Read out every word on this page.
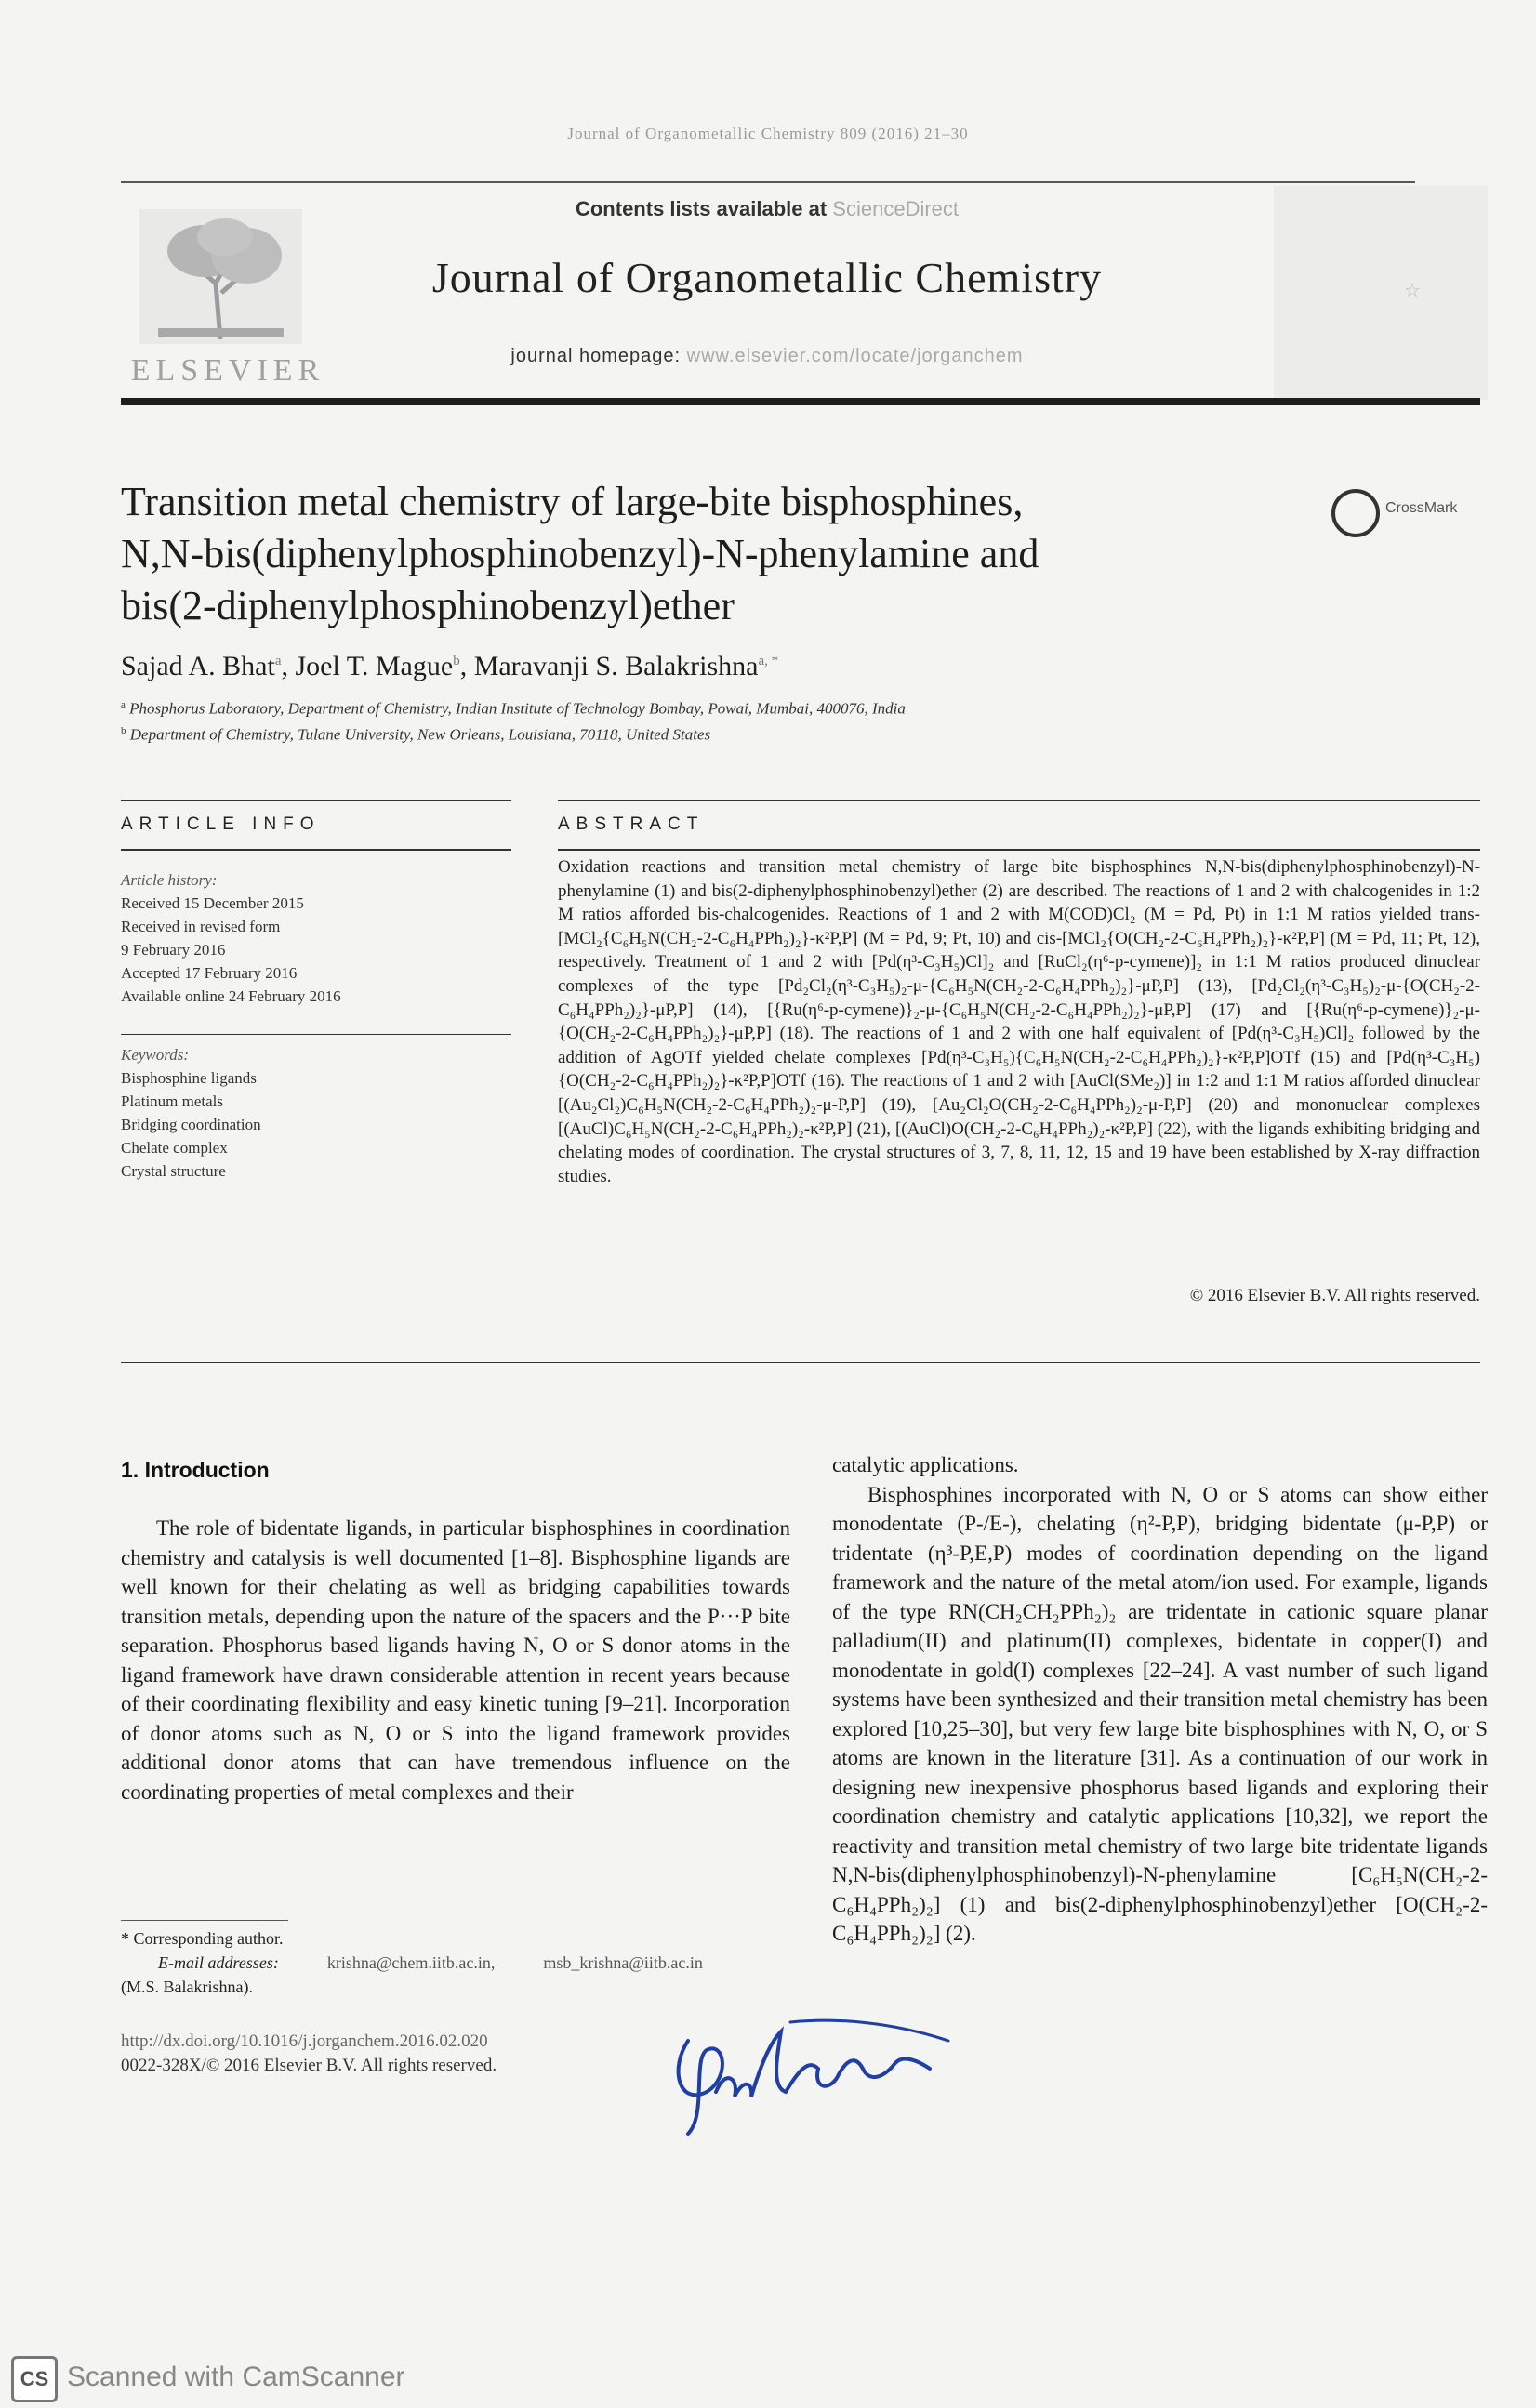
Journal of Organometallic Chemistry 809 (2016) 21–30
ELSEVIER
Contents lists available at ScienceDirect
Journal of Organometallic Chemistry
journal homepage: www.elsevier.com/locate/jorganchem
☆
Transition metal chemistry of large-bite bisphosphines,
N,N-bis(diphenylphosphinobenzyl)-N-phenylamine and
bis(2-diphenylphosphinobenzyl)ether
CrossMark
Sajad A. Bhat$^a$, Joel T. Mague$^b$, Maravanji S. Balakrishna$^{a, *}$
$^a$ Phosphorus Laboratory, Department of Chemistry, Indian Institute of Technology Bombay, Powai, Mumbai, 400076, India
$^b$ Department of Chemistry, Tulane University, New Orleans, Louisiana, 70118, United States
ARTICLE INFO
Article history:
Received 15 December 2015
Received in revised form
9 February 2016
Accepted 17 February 2016
Available online 24 February 2016
Keywords:
Bisphosphine ligands
Platinum metals
Bridging coordination
Chelate complex
Crystal structure
ABSTRACT
Oxidation reactions and transition metal chemistry of large bite bisphosphines N,N-bis(diphenylphosphinobenzyl)-N-phenylamine (1) and bis(2-diphenylphosphinobenzyl)ether (2) are described. The reactions of 1 and 2 with chalcogenides in 1:2 M ratios afforded bis-chalcogenides. Reactions of 1 and 2 with M(COD)Cl₂ (M = Pd, Pt) in 1:1 M ratios yielded trans-[MCl₂{C₆H₅N(CH₂-2-C₆H₄PPh₂)₂}-κ²P,P] (M = Pd, 9; Pt, 10) and cis-[MCl₂{O(CH₂-2-C₆H₄PPh₂)₂}-κ²P,P] (M = Pd, 11; Pt, 12), respectively. Treatment of 1 and 2 with [Pd(η³-C₃H₅)Cl]₂ and [RuCl₂(η⁶-p-cymene)]₂ in 1:1 M ratios produced dinuclear complexes of the type [Pd₂Cl₂(η³-C₃H₅)₂-μ-{C₆H₅N(CH₂-2-C₆H₄PPh₂)₂}-μP,P] (13), [Pd₂Cl₂(η³-C₃H₅)₂-μ-{O(CH₂-2-C₆H₄PPh₂)₂}-μP,P] (14), [{Ru(η⁶-p-cymene)}₂-μ-{C₆H₅N(CH₂-2-C₆H₄PPh₂)₂}-μP,P] (17) and [{Ru(η⁶-p-cymene)}₂-μ-{O(CH₂-2-C₆H₄PPh₂)₂}-μP,P] (18). The reactions of 1 and 2 with one half equivalent of [Pd(η³-C₃H₅)Cl]₂ followed by the addition of AgOTf yielded chelate complexes [Pd(η³-C₃H₅){C₆H₅N(CH₂-2-C₆H₄PPh₂)₂}-κ²P,P]OTf (15) and [Pd(η³-C₃H₅){O(CH₂-2-C₆H₄PPh₂)₂}-κ²P,P]OTf (16). The reactions of 1 and 2 with [AuCl(SMe₂)] in 1:2 and 1:1 M ratios afforded dinuclear [(Au₂Cl₂)C₆H₅N(CH₂-2-C₆H₄PPh₂)₂-μ-P,P] (19), [Au₂Cl₂O(CH₂-2-C₆H₄PPh₂)₂-μ-P,P] (20) and mononuclear complexes [(AuCl)C₆H₅N(CH₂-2-C₆H₄PPh₂)₂-κ²P,P] (21), [(AuCl)O(CH₂-2-C₆H₄PPh₂)₂-κ²P,P] (22), with the ligands exhibiting bridging and chelating modes of coordination. The crystal structures of 3, 7, 8, 11, 12, 15 and 19 have been established by X-ray diffraction studies.
© 2016 Elsevier B.V. All rights reserved.
1. Introduction
The role of bidentate ligands, in particular bisphosphines in coordination chemistry and catalysis is well documented [1–8]. Bisphosphine ligands are well known for their chelating as well as bridging capabilities towards transition metals, depending upon the nature of the spacers and the P···P bite separation. Phosphorus based ligands having N, O or S donor atoms in the ligand framework have drawn considerable attention in recent years because of their coordinating flexibility and easy kinetic tuning [9–21]. Incorporation of donor atoms such as N, O or S into the ligand framework provides additional donor atoms that can have tremendous influence on the coordinating properties of metal complexes and their

catalytic applications.

Bisphosphines incorporated with N, O or S atoms can show either monodentate (P-/E-), chelating (η²-P,P), bridging bidentate (μ-P,P) or tridentate (η³-P,E,P) modes of coordination depending on the ligand framework and the nature of the metal atom/ion used. For example, ligands of the type RN(CH₂CH₂PPh₂)₂ are tridentate in cationic square planar palladium(II) and platinum(II) complexes, bidentate in copper(I) and monodentate in gold(I) complexes [22–24]. A vast number of such ligand systems have been synthesized and their transition metal chemistry has been explored [10,25–30], but very few large bite bisphosphines with N, O, or S atoms are known in the literature [31]. As a continuation of our work in designing new inexpensive phosphorus based ligands and exploring their coordination chemistry and catalytic applications [10,32], we report the reactivity and transition metal chemistry of two large bite tridentate ligands N,N-bis(diphenylphosphinobenzyl)-N-phenylamine [C₆H₅N(CH₂-2-C₆H₄PPh₂)₂] (1) and bis(2-diphenylphosphinobenzyl)ether [O(CH₂-2-C₆H₄PPh₂)₂] (2).

* Corresponding author.
E-mail addresses:	krishna@chem.iitb.ac.in,	msb_krishna@iitb.ac.in
(M.S. Balakrishna).
http://dx.doi.org/10.1016/j.jorganchem.2016.02.020
0022-328X/© 2016 Elsevier B.V. All rights reserved.
CS Scanned with CamScanner
